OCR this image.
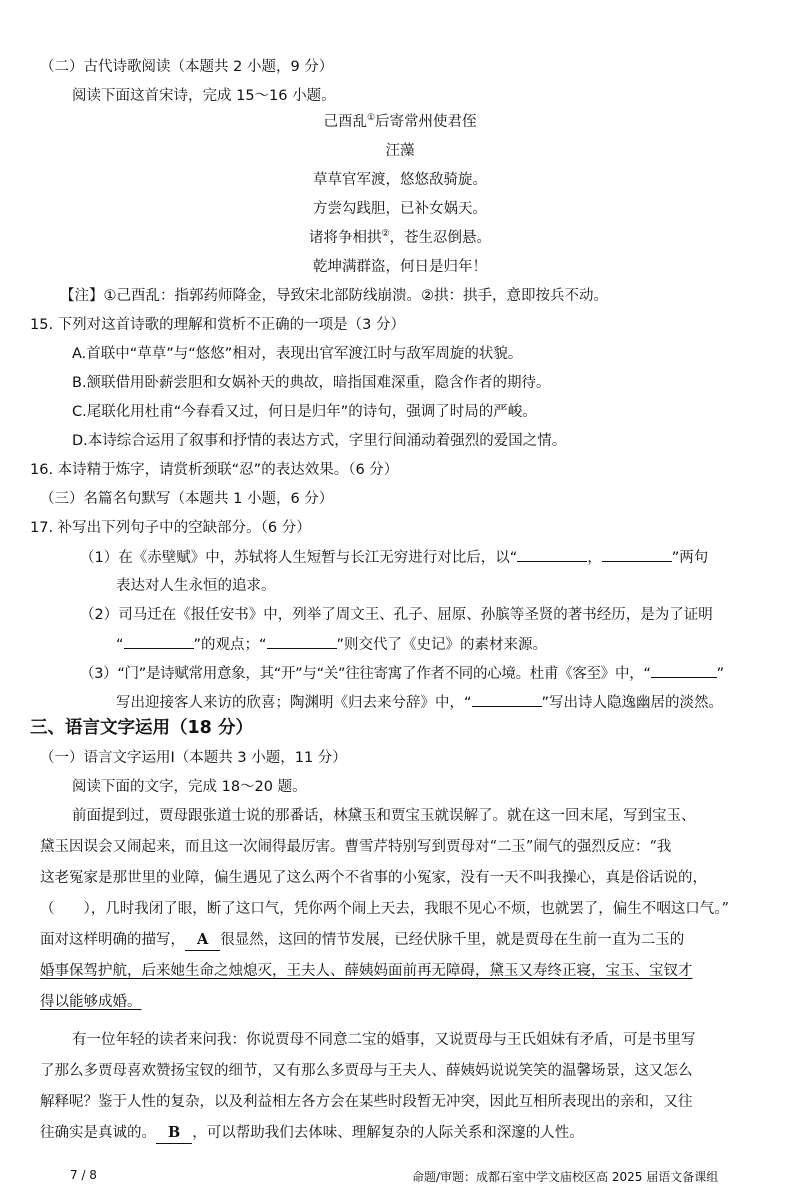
（二）古代诗歌阅读（本题共 2 小题，9 分）
阅读下面这首宋诗，完成 15～16 小题。
己酉乱①后寄常州使君侄
汪藻
草草官军渡，悠悠敌骑旋。
方尝勾践胆，已补女娲天。
诸将争相拱②，苍生忍倒悬。
乾坤满群盗，何日是归年！
【注】①己酉乱：指郭药师降金，导致宋北部防线崩溃。②拱：拱手，意即按兵不动。
15. 下列对这首诗歌的理解和赏析不正确的一项是（3 分）
A.首联中“草草”与“悠悠”相对，表现出官军渡江时与敌军周旋的状貌。
B.颔联借用卧薪尝胆和女娲补天的典故，暗指国难深重，隐含作者的期待。
C.尾联化用杜甫“今春看又过，何日是归年”的诗句，强调了时局的严峻。
D.本诗综合运用了叙事和抒情的表达方式，字里行间涌动着强烈的爱国之情。
16. 本诗精于炼字，请赏析颈联“忍”的表达效果。（6 分）
（三）名篇名句默写（本题共 1 小题，6 分）
17. 补写出下列句子中的空缺部分。（6 分）
（1）在《赤壁赋》中，苏轼将人生短暂与长江无穷进行对比后，以“	，	”两句
表达对人生永恒的追求。
（2）司马迁在《报任安书》中，列举了周文王、孔子、屈原、孙膑等圣贤的著书经历，是为了证明
“	”的观点；“	”则交代了《史记》的素材来源。
（3）“门”是诗赋常用意象，其“开”与“关”往往寄寓了作者不同的心境。杜甫《客至》中，“	”
写出迎接客人来访的欣喜；陶渊明《归去来兮辞》中，“	”写出诗人隐逸幽居的淡然。
三、语言文字运用（18 分）
（一）语言文字运用Ⅰ（本题共 3 小题，11 分）
阅读下面的文字，完成 18～20 题。
前面提到过，贾母跟张道士说的那番话，林黛玉和贾宝玉就误解了。就在这一回末尾，写到宝玉、
黛玉因误会又闹起来，而且这一次闹得最厉害。曹雪芹特别写到贾母对“二玉”闹气的强烈反应：“我
这老冤家是那世里的业障，偏生遇见了这么两个不省事的小冤家，没有一天不叫我操心，真是俗话说的，
（　　），几时我闭了眼，断了这口气，凭你两个闹上天去，我眼不见心不烦，也就罢了，偏生不咽这口气。”
面对这样明确的描写， A 很显然，这回的情节发展，已经伏脉千里，就是贾母在生前一直为二玉的
婚事保驾护航，后来她生命之烛熄灭，王夫人、薛姨妈面前再无障碍，黛玉又寿终正寝，宝玉、宝钗才
得以能够成婚。
有一位年轻的读者来问我：你说贾母不同意二宝的婚事，又说贾母与王氏姐妹有矛盾，可是书里写
了那么多贾母喜欢赞扬宝钗的细节，又有那么多贾母与王夫人、薛姨妈说说笑笑的温馨场景，这又怎么
解释呢？鉴于人性的复杂，以及利益相左各方会在某些时段暂无冲突，因此互相所表现出的亲和，又往
往确实是真诚的。 B ，可以帮助我们去体味、理解复杂的人际关系和深邃的人性。
7 / 8	命题/审题：成都石室中学文庙校区高 2025 届语文备课组
